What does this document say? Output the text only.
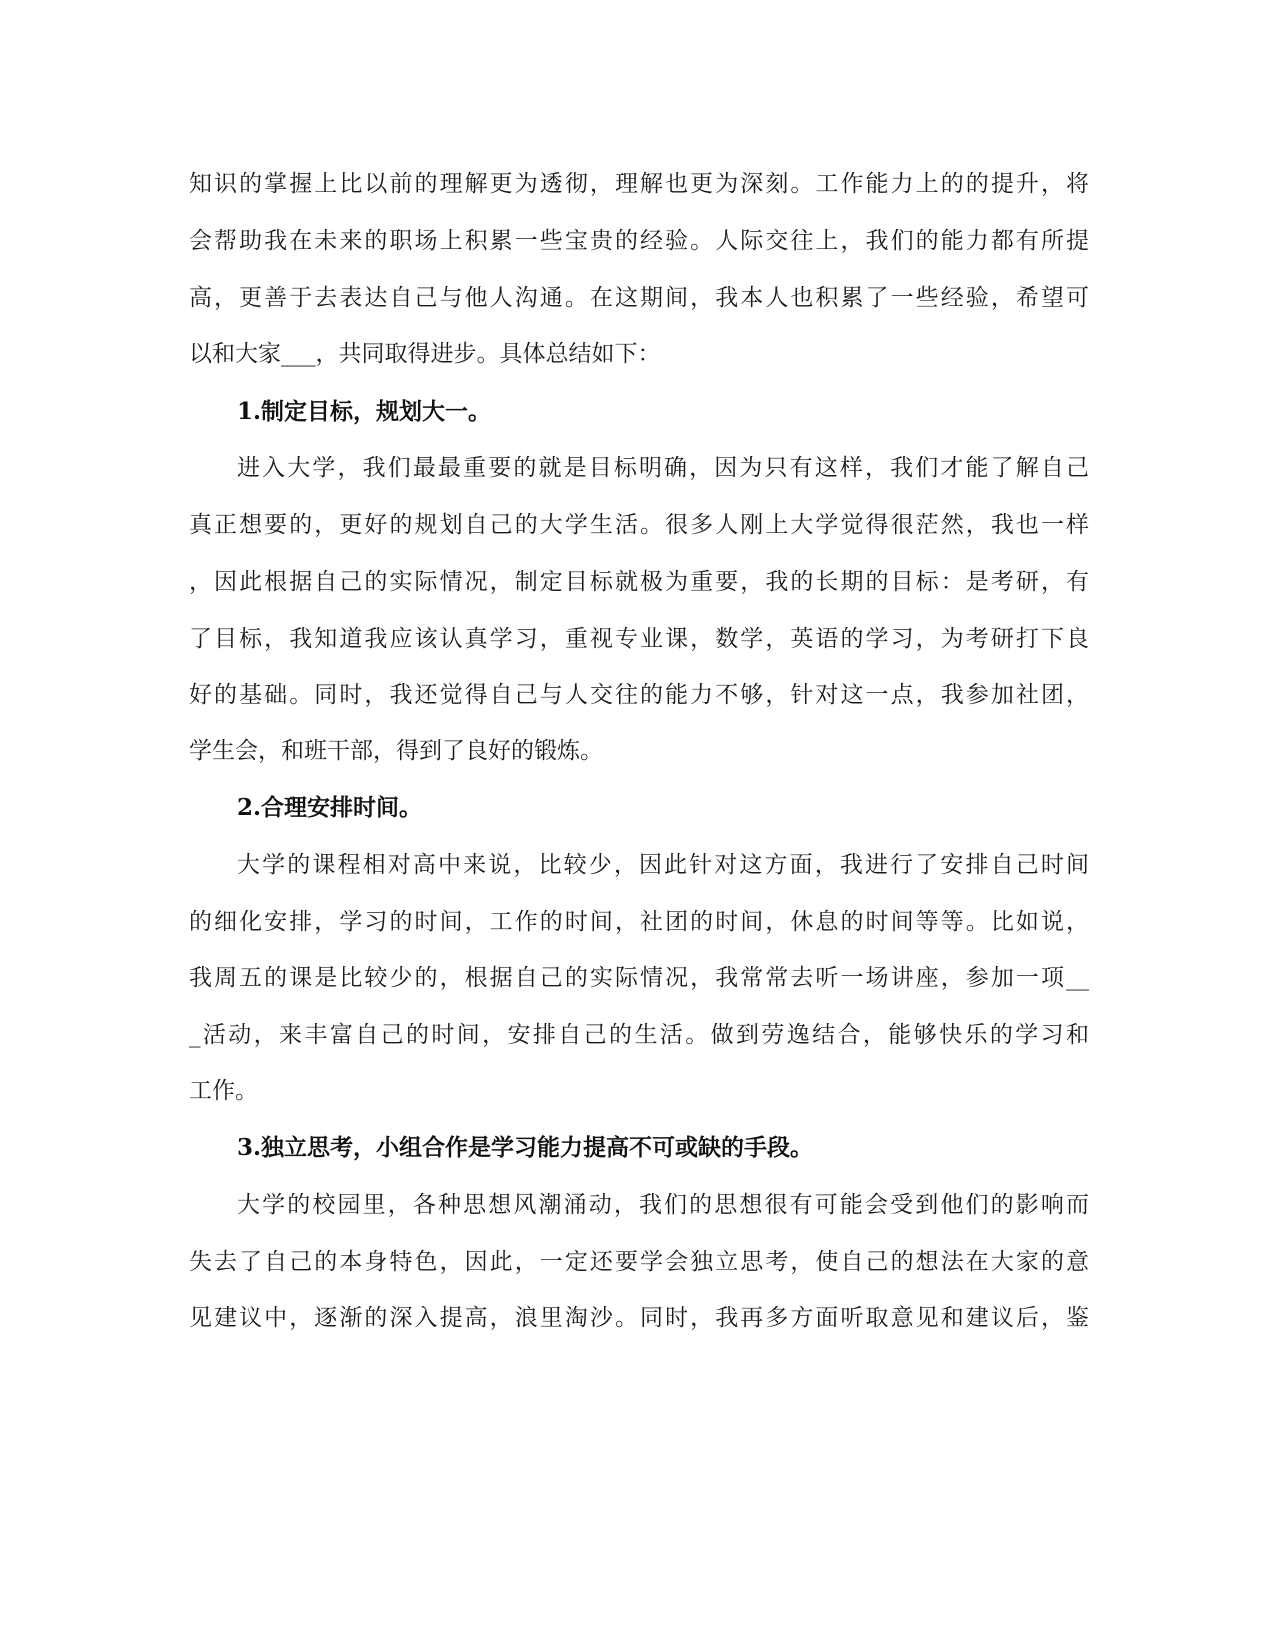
知识的掌握上比以前的理解更为透彻，理解也更为深刻。工作能力上的的提升，将

会帮助我在未来的职场上积累一些宝贵的经验。人际交往上，我们的能力都有所提

高，更善于去表达自己与他人沟通。在这期间，我本人也积累了一些经验，希望可

以和大家___，共同取得进步。具体总结如下：

1.制定目标，规划大一。

进入大学，我们最最重要的就是目标明确，因为只有这样，我们才能了解自己

真正想要的，更好的规划自己的大学生活。很多人刚上大学觉得很茫然，我也一样

，因此根据自己的实际情况，制定目标就极为重要，我的长期的目标：是考研，有

了目标，我知道我应该认真学习，重视专业课，数学，英语的学习，为考研打下良

好的基础。同时，我还觉得自己与人交往的能力不够，针对这一点，我参加社团，

学生会，和班干部，得到了良好的锻炼。

2.合理安排时间。

大学的课程相对高中来说，比较少，因此针对这方面，我进行了安排自己时间

的细化安排，学习的时间，工作的时间，社团的时间，休息的时间等等。比如说，

我周五的课是比较少的，根据自己的实际情况，我常常去听一场讲座，参加一项__

_活动，来丰富自己的时间，安排自己的生活。做到劳逸结合，能够快乐的学习和

工作。

3.独立思考，小组合作是学习能力提高不可或缺的手段。

大学的校园里，各种思想风潮涌动，我们的思想很有可能会受到他们的影响而

失去了自己的本身特色，因此，一定还要学会独立思考，使自己的想法在大家的意

见建议中，逐渐的深入提高，浪里淘沙。同时，我再多方面听取意见和建议后，鉴
